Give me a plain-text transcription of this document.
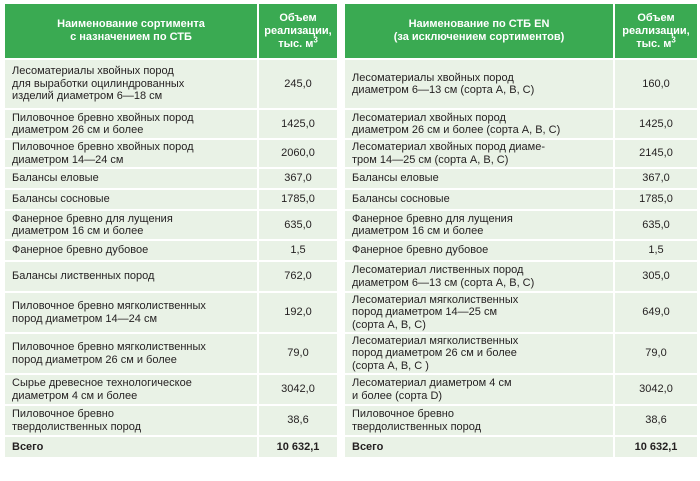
Наименование сортимента
с назначением по СТБ	Объем
реализации,
тыс. $м^3$		Наименование по СТБ EN
(за исключением сортиментов)	Объем
реализации,
тыс. $м^3$
Лесоматериалы хвойных пород
для выработки оцилиндрованных
изделий диаметром 6—18 см	245,0		Лесоматериалы хвойных пород
диаметром 6—13 см (сорта А, В, С)	160,0
Пиловочное бревно хвойных пород
диаметром 26 см и более	1425,0		Лесоматериал хвойных пород
диаметром 26 см и более (сорта А, В, С)	1425,0
Пиловочное бревно хвойных пород
диаметром 14—24 см	2060,0		Лесоматериал хвойных пород диаме-
тром 14—25 см (сорта А, В, С)	2145,0
Балансы еловые	367,0		Балансы еловые	367,0
Балансы сосновые	1785,0		Балансы сосновые	1785,0
Фанерное бревно для лущения
диаметром 16 см и более	635,0		Фанерное бревно для лущения
диаметром 16 см и более	635,0
Фанерное бревно дубовое	1,5		Фанерное бревно дубовое	1,5
Балансы лиственных пород	762,0		Лесоматериал лиственных пород
диаметром 6—13 см (сорта А, В, С)	305,0
Пиловочное бревно мягколиственных
пород диаметром 14—24 см	192,0		Лесоматериал мягколиственных
пород диаметром 14—25 см
(сорта А, В, С)	649,0
Пиловочное бревно мягколиственных
пород диаметром 26 см и более	79,0		Лесоматериал мягколиственных
пород диаметром 26 см и более
(сорта А, В, С )	79,0
Сырье древесное технологическое
диаметром 4 см и более	3042,0		Лесоматериал диаметром 4 см
и более (сорта D)	3042,0
Пиловочное бревно
твердолиственных пород	38,6		Пиловочное бревно
твердолиственных пород	38,6
Всего	10 632,1		Всего	10 632,1
